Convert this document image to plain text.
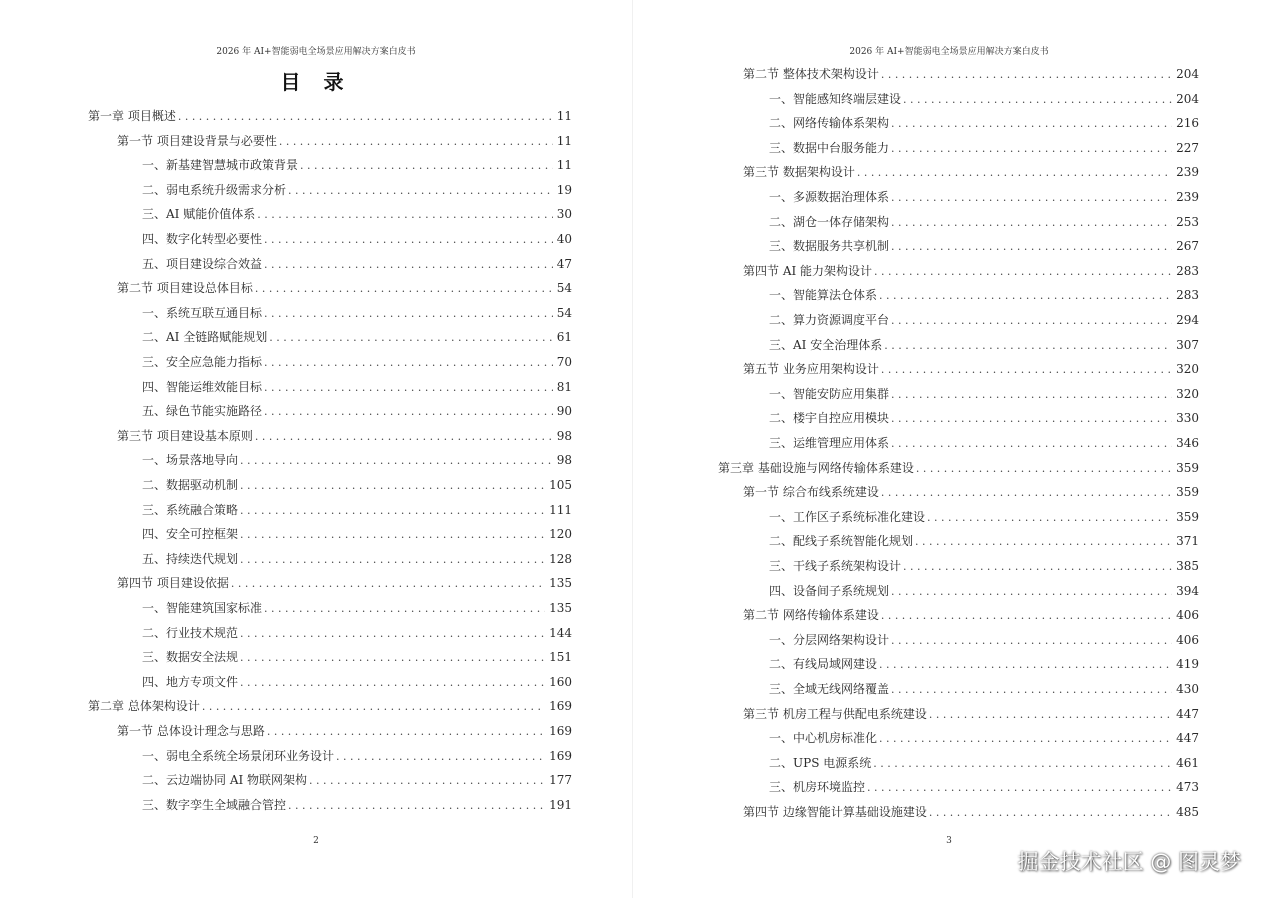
2026 年 AI+智能弱电全场景应用解决方案白皮书
目 录
第一章 项目概述 . . .	11
第一节 项目建设背景与必要性 . . .	11
一、新基建智慧城市政策背景 . . .	11
二、弱电系统升级需求分析 . . .	19
三、AI 赋能价值体系 . . .	30
四、数字化转型必要性 . . .	40
五、项目建设综合效益 . . .	47
第二节 项目建设总体目标 . . .	54
一、系统互联互通目标 . . .	54
二、AI 全链路赋能规划 . . .	61
三、安全应急能力指标 . . .	70
四、智能运维效能目标 . . .	81
五、绿色节能实施路径 . . .	90
第三节 项目建设基本原则 . . .	98
一、场景落地导向 . . .	98
二、数据驱动机制 . . .	105
三、系统融合策略 . . .	111
四、安全可控框架 . . .	120
五、持续迭代规划 . . .	128
第四节 项目建设依据 . . .	135
一、智能建筑国家标准 . . .	135
二、行业技术规范 . . .	144
三、数据安全法规 . . .	151
四、地方专项文件 . . .	160
第二章 总体架构设计 . . .	169
第一节 总体设计理念与思路 . . .	169
一、弱电全系统全场景闭环业务设计 . . .	169
二、云边端协同 AI 物联网架构 . . .	177
三、数字孪生全域融合管控 . . .	191
2
2026 年 AI+智能弱电全场景应用解决方案白皮书
第二节 整体技术架构设计 . . .	204
一、智能感知终端层建设 . . .	204
二、网络传输体系架构 . . .	216
三、数据中台服务能力 . . .	227
第三节 数据架构设计 . . .	239
一、多源数据治理体系 . . .	239
二、湖仓一体存储架构 . . .	253
三、数据服务共享机制 . . .	267
第四节 AI 能力架构设计 . . .	283
一、智能算法仓体系 . . .	283
二、算力资源调度平台 . . .	294
三、AI 安全治理体系 . . .	307
第五节 业务应用架构设计 . . .	320
一、智能安防应用集群 . . .	320
二、楼宇自控应用模块 . . .	330
三、运维管理应用体系 . . .	346
第三章 基础设施与网络传输体系建设 . . .	359
第一节 综合布线系统建设 . . .	359
一、工作区子系统标准化建设 . . .	359
二、配线子系统智能化规划 . . .	371
三、干线子系统架构设计 . . .	385
四、设备间子系统规划 . . .	394
第二节 网络传输体系建设 . . .	406
一、分层网络架构设计 . . .	406
二、有线局域网建设 . . .	419
三、全域无线网络覆盖 . . .	430
第三节 机房工程与供配电系统建设 . . .	447
一、中心机房标准化 . . .	447
二、UPS 电源系统 . . .	461
三、机房环境监控 . . .	473
第四节 边缘智能计算基础设施建设 . . .	485
3
掘金技术社区 @ 图灵梦
